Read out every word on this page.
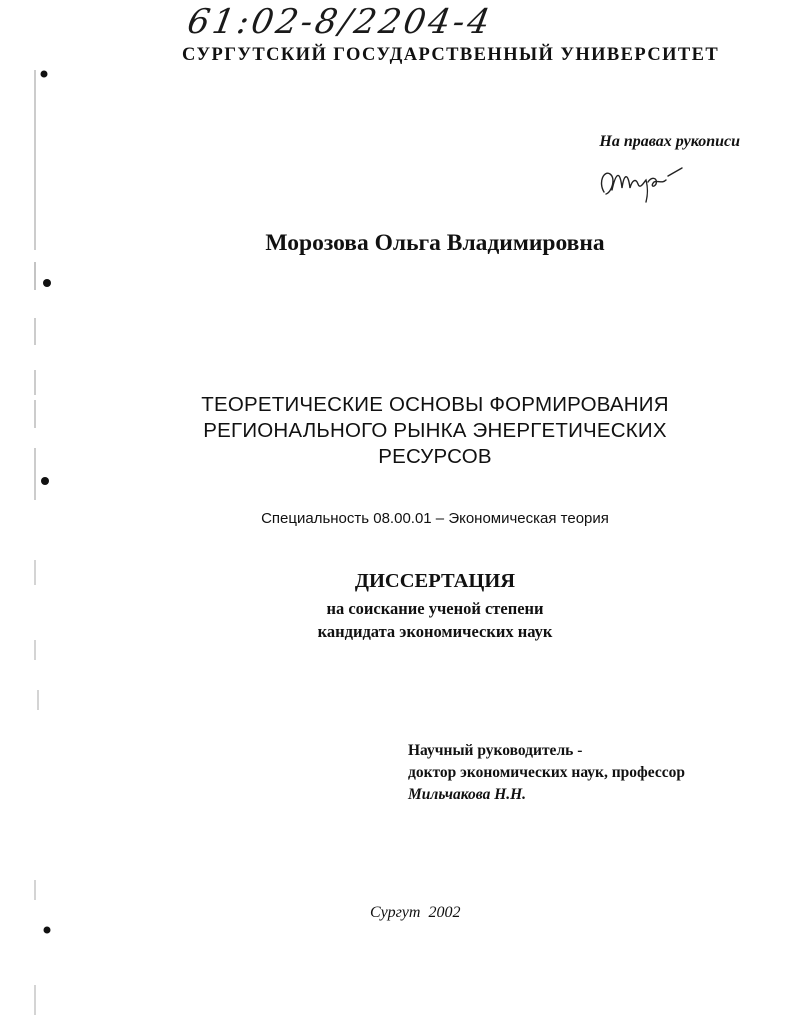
61:02-8/2204-4
СУРГУТСКИЙ ГОСУДАРСТВЕННЫЙ УНИВЕРСИТЕТ
На правах рукописи
Морозова Ольга Владимировна
ТЕОРЕТИЧЕСКИЕ ОСНОВЫ ФОРМИРОВАНИЯ
РЕГИОНАЛЬНОГО РЫНКА ЭНЕРГЕТИЧЕСКИХ
РЕСУРСОВ
Специальность 08.00.01 – Экономическая теория
ДИССЕРТАЦИЯ
на соискание ученой степени
кандидата экономических наук
Научный руководитель -
доктор экономических наук, профессор
Мильчакова Н.Н.
Сургут 2002
